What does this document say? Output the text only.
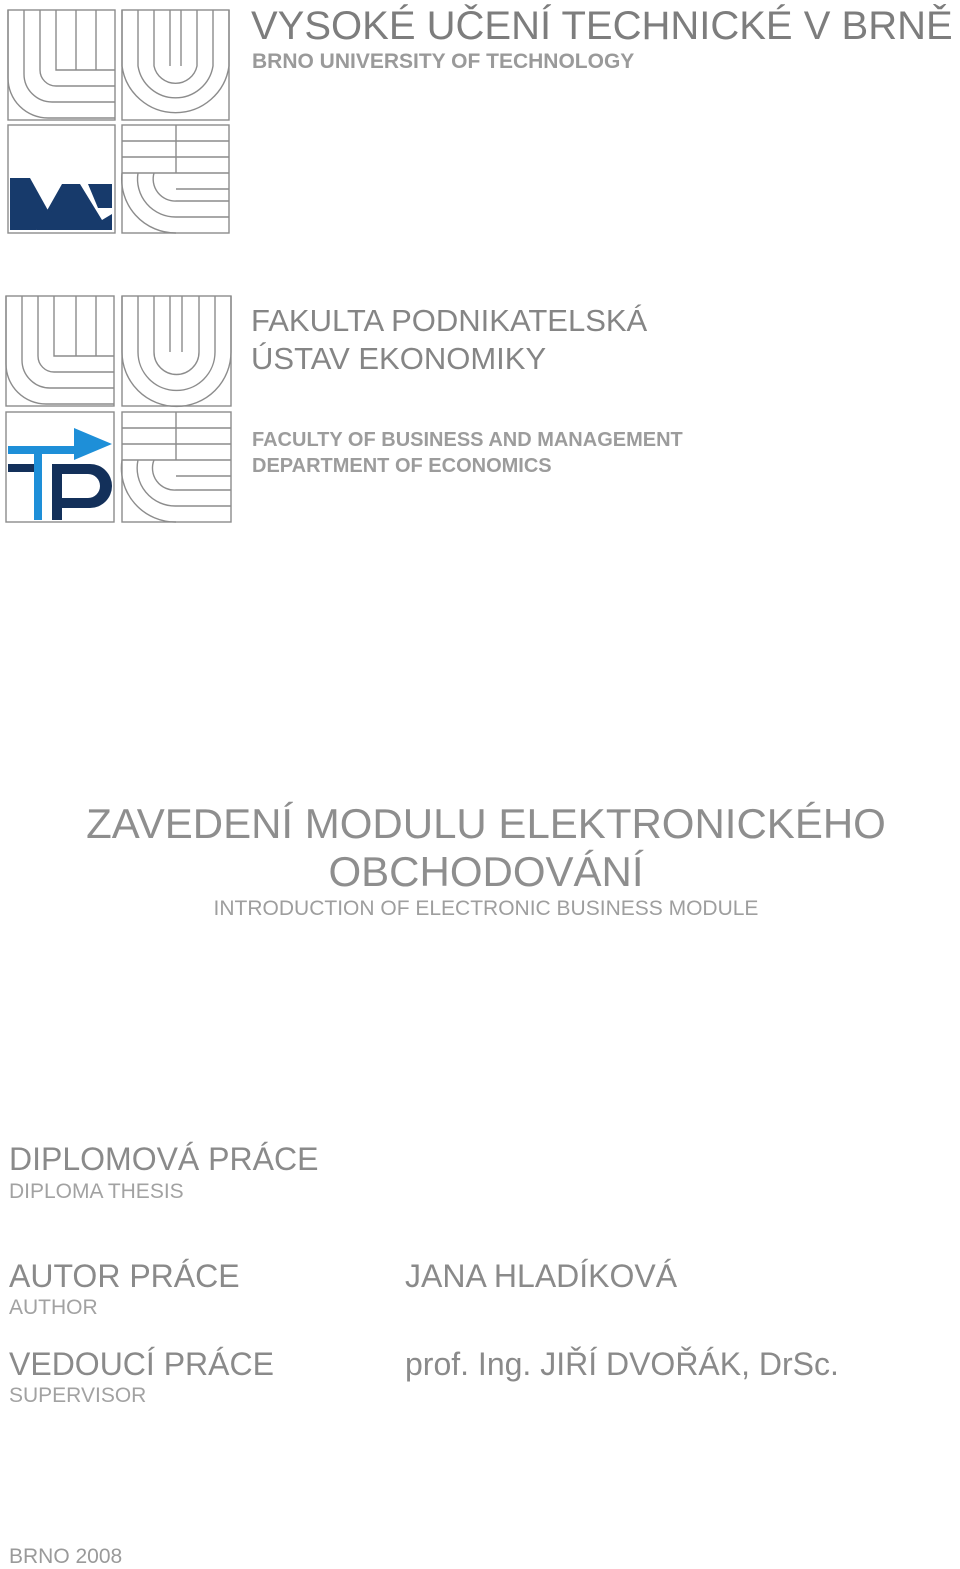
VYSOKÉ UČENÍ TECHNICKÉ V BRNĚ
BRNO UNIVERSITY OF TECHNOLOGY
FAKULTA PODNIKATELSKÁ
ÚSTAV EKONOMIKY
FACULTY OF BUSINESS AND MANAGEMENT
DEPARTMENT OF ECONOMICS
ZAVEDENÍ MODULU ELEKTRONICKÉHO
OBCHODOVÁNÍ
INTRODUCTION OF ELECTRONIC BUSINESS MODULE
DIPLOMOVÁ PRÁCE
DIPLOMA THESIS
AUTOR PRÁCE
AUTHOR
JANA HLADÍKOVÁ
VEDOUCÍ PRÁCE
SUPERVISOR
prof. Ing. JIŘÍ DVOŘÁK, DrSc.
BRNO 2008
